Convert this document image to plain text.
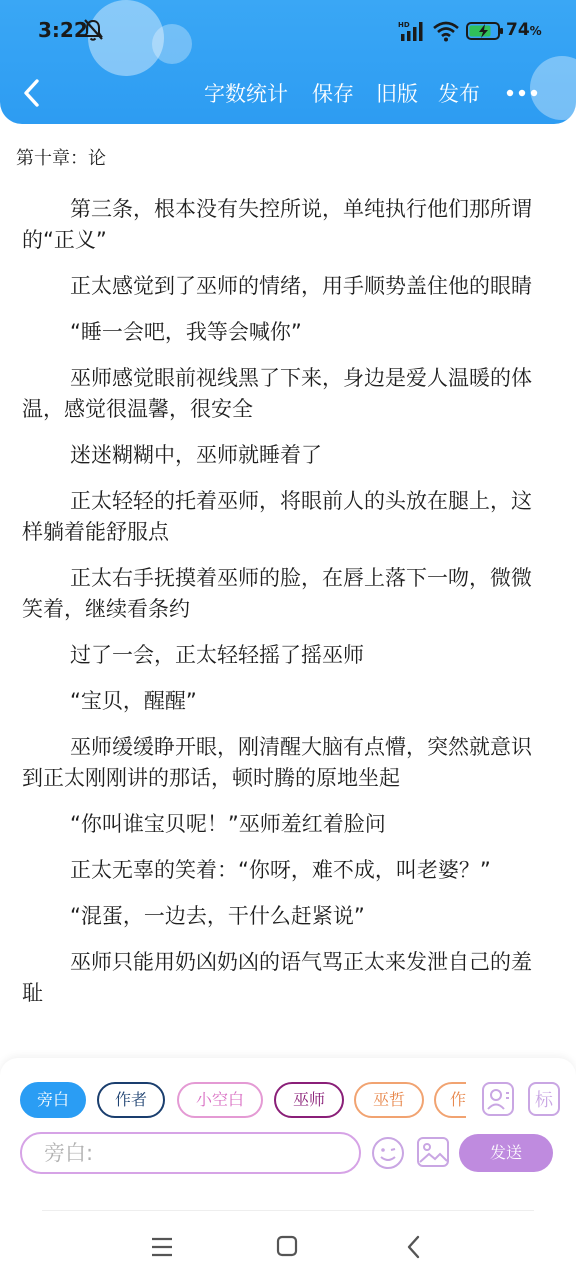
3:22	HD	74%
字数统计 保存 旧版 发布
第十章：论

第三条，根本没有失控所说，单纯执行他们那所谓的“正义”

正太感觉到了巫师的情绪，用手顺势盖住他的眼睛

“睡一会吧，我等会喊你”

巫师感觉眼前视线黑了下来，身边是爱人温暖的体温，感觉很温馨，很安全

迷迷糊糊中，巫师就睡着了

正太轻轻的托着巫师，将眼前人的头放在腿上，这样躺着能舒服点

正太右手抚摸着巫师的脸，在唇上落下一吻，微微笑着，继续看条约

过了一会，正太轻轻摇了摇巫师

“宝贝，醒醒”

巫师缓缓睁开眼，刚清醒大脑有点懵，突然就意识到正太刚刚讲的那话，顿时腾的原地坐起

“你叫谁宝贝呢！”巫师羞红着脸问

正太无辜的笑着：“你呀，难不成，叫老婆？”

“混蛋，一边去，干什么赶紧说”

巫师只能用奶凶奶凶的语气骂正太来发泄自己的羞耻

旁白	作者	小空白	巫师	巫哲	作	标
旁白:	发送
